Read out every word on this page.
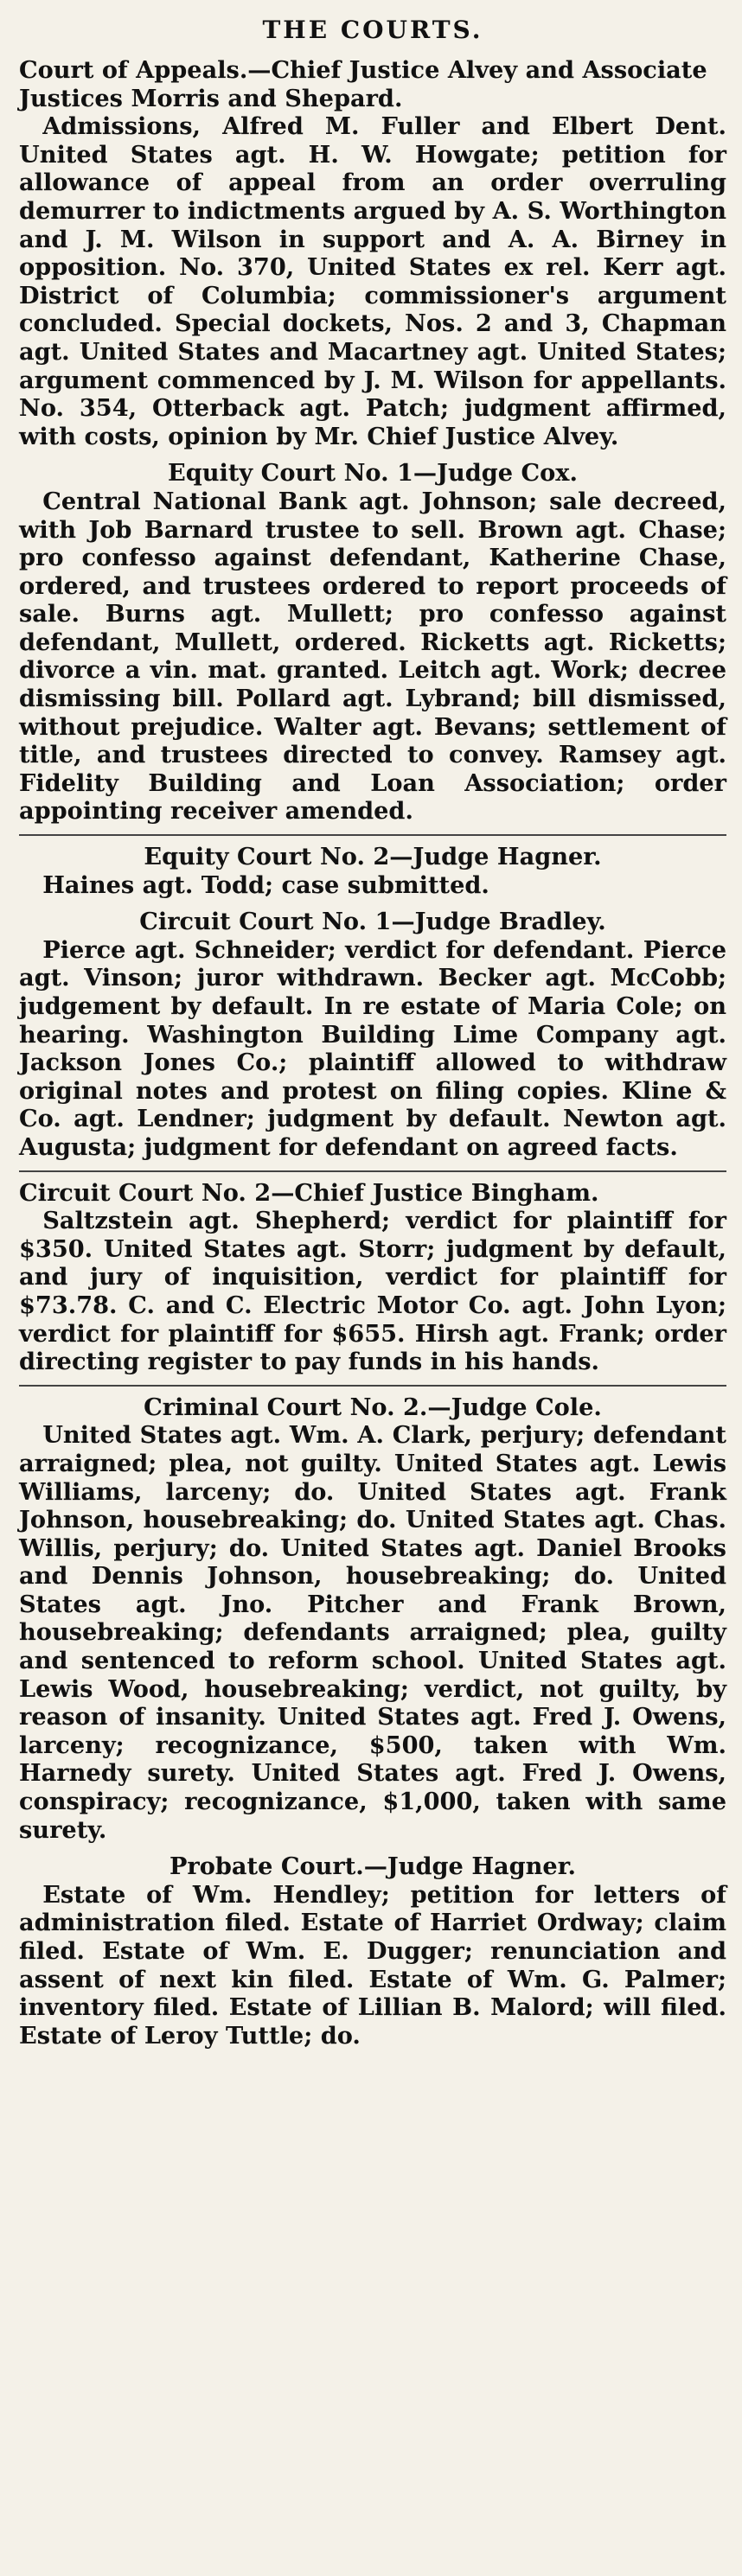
THE COURTS.
Court of Appeals.—Chief Justice Alvey and Associate Justices Morris and Shepard.

Admissions, Alfred M. Fuller and Elbert Dent. United States agt. H. W. Howgate; petition for allowance of appeal from an order overruling demurrer to indictments argued by A. S. Worthington and J. M. Wilson in support and A. A. Birney in opposition. No. 370, United States ex rel. Kerr agt. District of Columbia; commissioner's argument concluded. Special dockets, Nos. 2 and 3, Chapman agt. United States and Macartney agt. United States; argument commenced by J. M. Wilson for appellants. No. 354, Otterback agt. Patch; judgment affirmed, with costs, opinion by Mr. Chief Justice Alvey.

Equity Court No. 1—Judge Cox.

Central National Bank agt. Johnson; sale decreed, with Job Barnard trustee to sell. Brown agt. Chase; pro confesso against defendant, Katherine Chase, ordered, and trustees ordered to report proceeds of sale. Burns agt. Mullett; pro confesso against defendant, Mullett, ordered. Ricketts agt. Ricketts; divorce a vin. mat. granted. Leitch agt. Work; decree dismissing bill. Pollard agt. Lybrand; bill dismissed, without prejudice. Walter agt. Bevans; settlement of title, and trustees directed to convey. Ramsey agt. Fidelity Building and Loan Association; order appointing receiver amended.

Equity Court No. 2—Judge Hagner.

Haines agt. Todd; case submitted.

Circuit Court No. 1—Judge Bradley.

Pierce agt. Schneider; verdict for defendant. Pierce agt. Vinson; juror withdrawn. Becker agt. McCobb; judgement by default. In re estate of Maria Cole; on hearing. Washington Building Lime Company agt. Jackson Jones Co.; plaintiff allowed to withdraw original notes and protest on filing copies. Kline & Co. agt. Lendner; judgment by default. Newton agt. Augusta; judgment for defendant on agreed facts.

Circuit Court No. 2—Chief Justice Bingham.

Saltzstein agt. Shepherd; verdict for plaintiff for $350. United States agt. Storr; judgment by default, and jury of inquisition, verdict for plaintiff for $73.78. C. and C. Electric Motor Co. agt. John Lyon; verdict for plaintiff for $655. Hirsh agt. Frank; order directing register to pay funds in his hands.

Criminal Court No. 2.—Judge Cole.

United States agt. Wm. A. Clark, perjury; defendant arraigned; plea, not guilty. United States agt. Lewis Williams, larceny; do. United States agt. Frank Johnson, housebreaking; do. United States agt. Chas. Willis, perjury; do. United States agt. Daniel Brooks and Dennis Johnson, housebreaking; do. United States agt. Jno. Pitcher and Frank Brown, housebreaking; defendants arraigned; plea, guilty and sentenced to reform school. United States agt. Lewis Wood, housebreaking; verdict, not guilty, by reason of insanity. United States agt. Fred J. Owens, larceny; recognizance, $500, taken with Wm. Harnedy surety. United States agt. Fred J. Owens, conspiracy; recognizance, $1,000, taken with same surety.

Probate Court.—Judge Hagner.

Estate of Wm. Hendley; petition for letters of administration filed. Estate of Harriet Ordway; claim filed. Estate of Wm. E. Dugger; renunciation and assent of next kin filed. Estate of Wm. G. Palmer; inventory filed. Estate of Lillian B. Malord; will filed. Estate of Leroy Tuttle; do.
